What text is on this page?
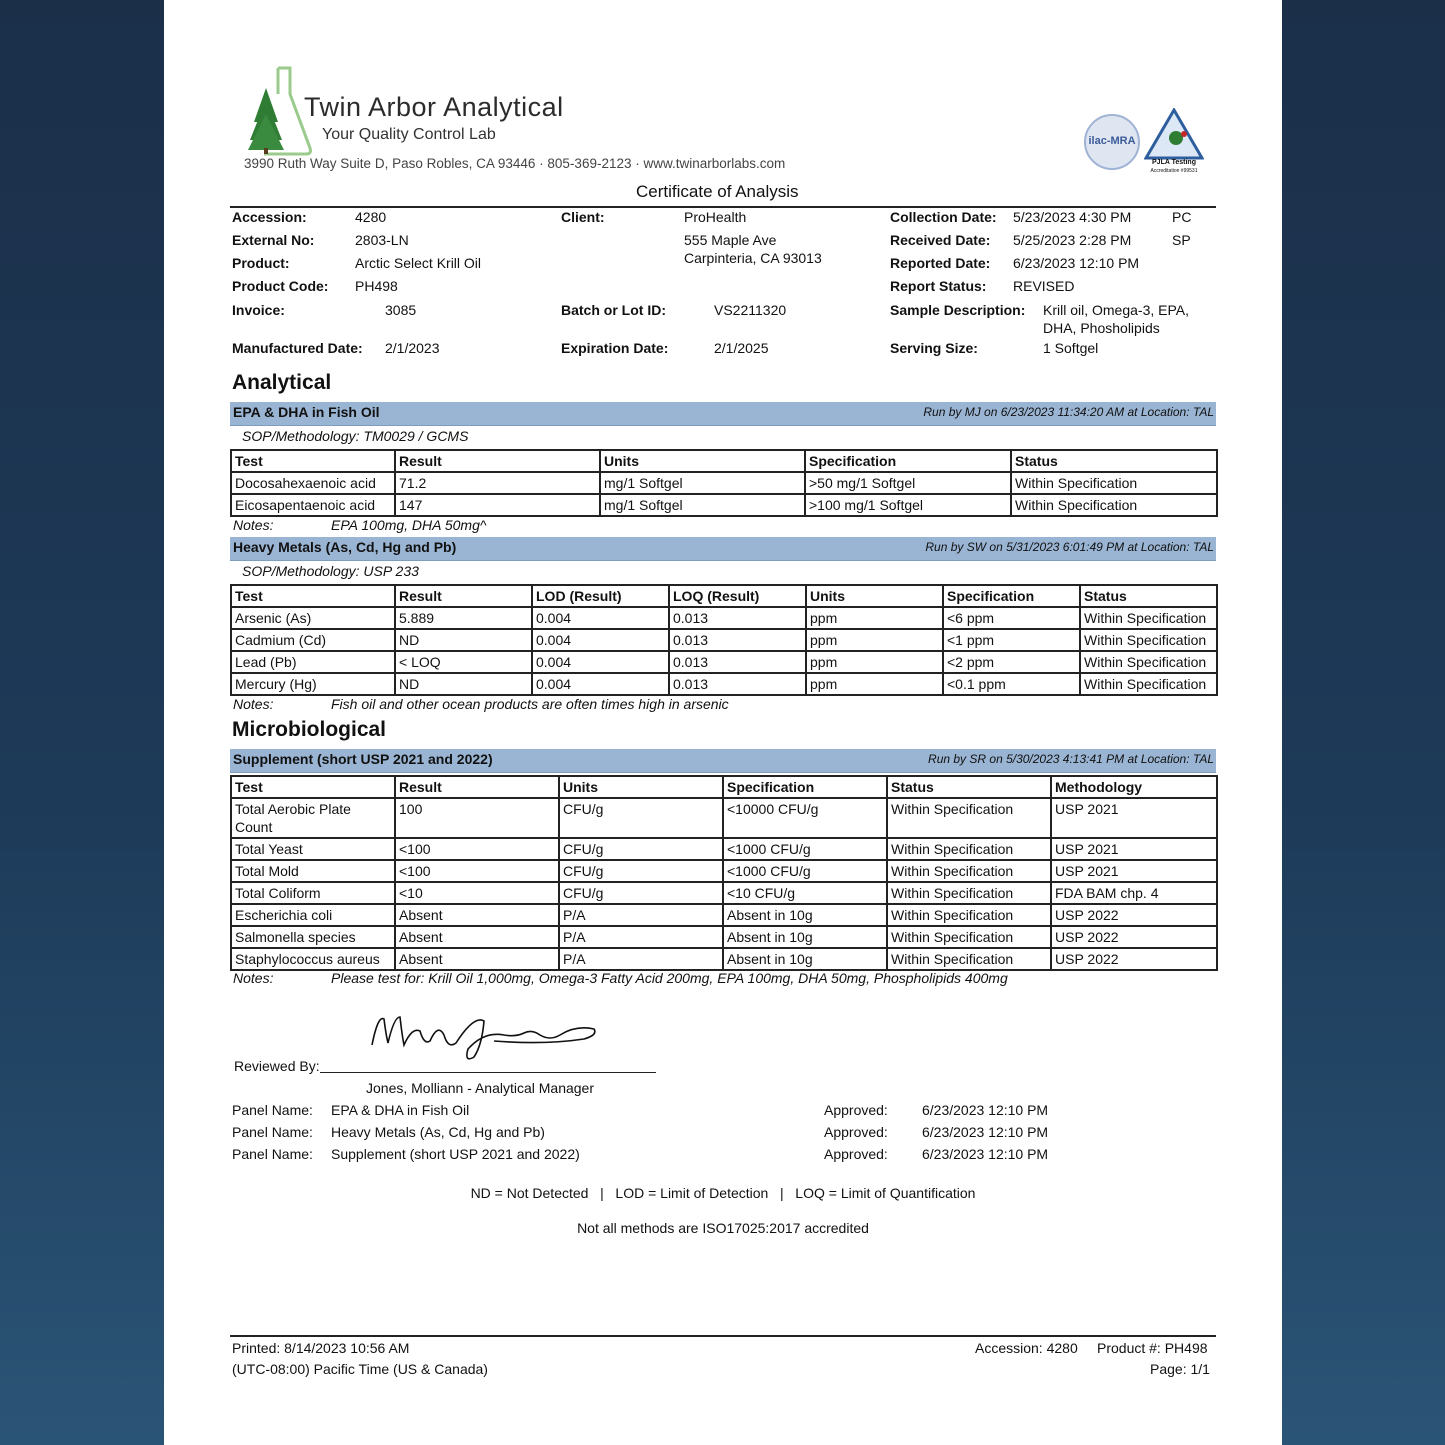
Twin Arbor Analytical
Your Quality Control Lab
3990 Ruth Way Suite D, Paso Robles, CA 93446 · 805-369-2123 · www.twinarborlabs.com
ilac-MRA
PJLA Testing
Accreditation #99531
Certificate of Analysis
Accession:	4280
External No:	2803-LN
Product:	Arctic Select Krill Oil
Product Code: PH498
Invoice:	3085
Manufactured Date: 2/1/2023
Client:	ProHealth
555 Maple Ave
Carpinteria, CA 93013
Batch or Lot ID:	VS2211320
Expiration Date:	2/1/2025
Collection Date: 5/23/2023 4:30 PM	PC
Received Date: 5/25/2023 2:28 PM	SP
Reported Date: 6/23/2023 12:10 PM
Report Status: REVISED
Sample Description: Krill oil, Omega-3, EPA,
DHA, Phosholipids
Serving Size:	1 Softgel
Analytical
EPA & DHA in Fish Oil	Run by MJ on 6/23/2023 11:34:20 AM at Location: TAL
SOP/Methodology: TM0029 / GCMS
Test	Result	Units	Specification	Status
Docosahexaenoic acid	71.2	mg/1 Softgel	>50 mg/1 Softgel	Within Specification
Eicosapentaenoic acid	147	mg/1 Softgel	>100 mg/1 Softgel	Within Specification
Notes:	EPA 100mg, DHA 50mg^
Heavy Metals (As, Cd, Hg and Pb)	Run by SW on 5/31/2023 6:01:49 PM at Location: TAL
SOP/Methodology: USP 233
Test	Result	LOD (Result)	LOQ (Result)	Units	Specification	Status
Arsenic (As)	5.889	0.004	0.013	ppm	<6 ppm	Within Specification
Cadmium (Cd)	ND	0.004	0.013	ppm	<1 ppm	Within Specification
Lead (Pb)	< LOQ	0.004	0.013	ppm	<2 ppm	Within Specification
Mercury (Hg)	ND	0.004	0.013	ppm	<0.1 ppm	Within Specification
Notes:	Fish oil and other ocean products are often times high in arsenic
Microbiological
Supplement (short USP 2021 and 2022)	Run by SR on 5/30/2023 4:13:41 PM at Location: TAL
Test	Result	Units	Specification	Status	Methodology
Total Aerobic Plate Count	100	CFU/g	<10000 CFU/g	Within Specification	USP 2021
Total Yeast	<100	CFU/g	<1000 CFU/g	Within Specification	USP 2021
Total Mold	<100	CFU/g	<1000 CFU/g	Within Specification	USP 2021
Total Coliform	<10	CFU/g	<10 CFU/g	Within Specification	FDA BAM chp. 4
Escherichia coli	Absent	P/A	Absent in 10g	Within Specification	USP 2022
Salmonella species	Absent	P/A	Absent in 10g	Within Specification	USP 2022
Staphylococcus aureus	Absent	P/A	Absent in 10g	Within Specification	USP 2022
Notes:	Please test for: Krill Oil 1,000mg, Omega-3 Fatty Acid 200mg, EPA 100mg, DHA 50mg, Phospholipids 400mg
Reviewed By:
Jones, Molliann - Analytical Manager
Panel Name: EPA & DHA in Fish Oil	Approved: 6/23/2023 12:10 PM
Panel Name: Heavy Metals (As, Cd, Hg and Pb)	Approved: 6/23/2023 12:10 PM
Panel Name: Supplement (short USP 2021 and 2022)	Approved: 6/23/2023 12:10 PM
ND = Not Detected   |   LOD = Limit of Detection   |   LOQ = Limit of Quantification
Not all methods are ISO17025:2017 accredited
Printed: 8/14/2023 10:56 AM
(UTC-08:00) Pacific Time (US & Canada)
Accession: 4280 Product #: PH498
Page: 1/1
